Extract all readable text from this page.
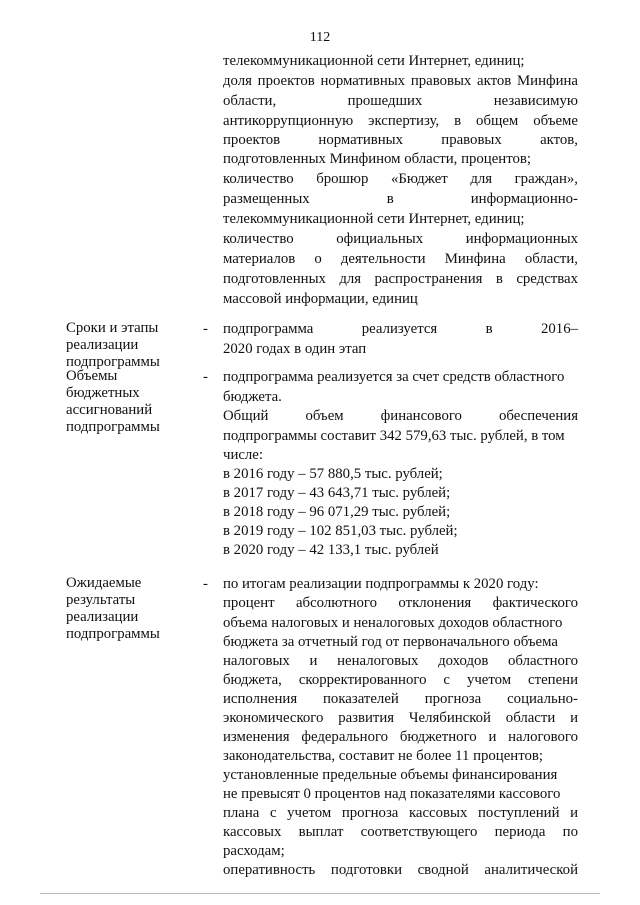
112
телекоммуникационной сети Интернет, единиц;
доля проектов нормативных правовых актов Минфина
области, прошедших независимую
антикоррупционную экспертизу, в общем объеме
проектов нормативных правовых актов,
подготовленных Минфином области, процентов;
количество брошюр «Бюджет для граждан»,
размещенных в информационно-
телекоммуникационной сети Интернет, единиц;
количество официальных информационных
материалов о деятельности Минфина области,
подготовленных для распространения в средствах
массовой информации, единиц
Сроки и этапы
реализации
подпрограммы
- подпрограмма реализуется в 2016–
2020 годах в один этап
Объемы
бюджетных
ассигнований
подпрограммы
- подпрограмма реализуется за счет средств областного
бюджета.
Общий объем финансового обеспечения
подпрограммы составит 342 579,63 тыс. рублей, в том
числе:
в 2016 году – 57 880,5 тыс. рублей;
в 2017 году – 43 643,71 тыс. рублей;
в 2018 году – 96 071,29 тыс. рублей;
в 2019 году – 102 851,03 тыс. рублей;
в 2020 году – 42 133,1 тыс. рублей
Ожидаемые
результаты
реализации
подпрограммы
- по итогам реализации подпрограммы к 2020 году:
процент абсолютного отклонения фактического
объема налоговых и неналоговых доходов областного
бюджета за отчетный год от первоначального объема
налоговых и неналоговых доходов областного
бюджета, скорректированного с учетом степени
исполнения показателей прогноза социально-
экономического развития Челябинской области и
изменения федерального бюджетного и налогового
законодательства, составит не более 11 процентов;
установленные предельные объемы финансирования
не превысят 0 процентов над показателями кассового
плана с учетом прогноза кассовых поступлений и
кассовых выплат соответствующего периода по
расходам;
оперативность подготовки сводной аналитической
